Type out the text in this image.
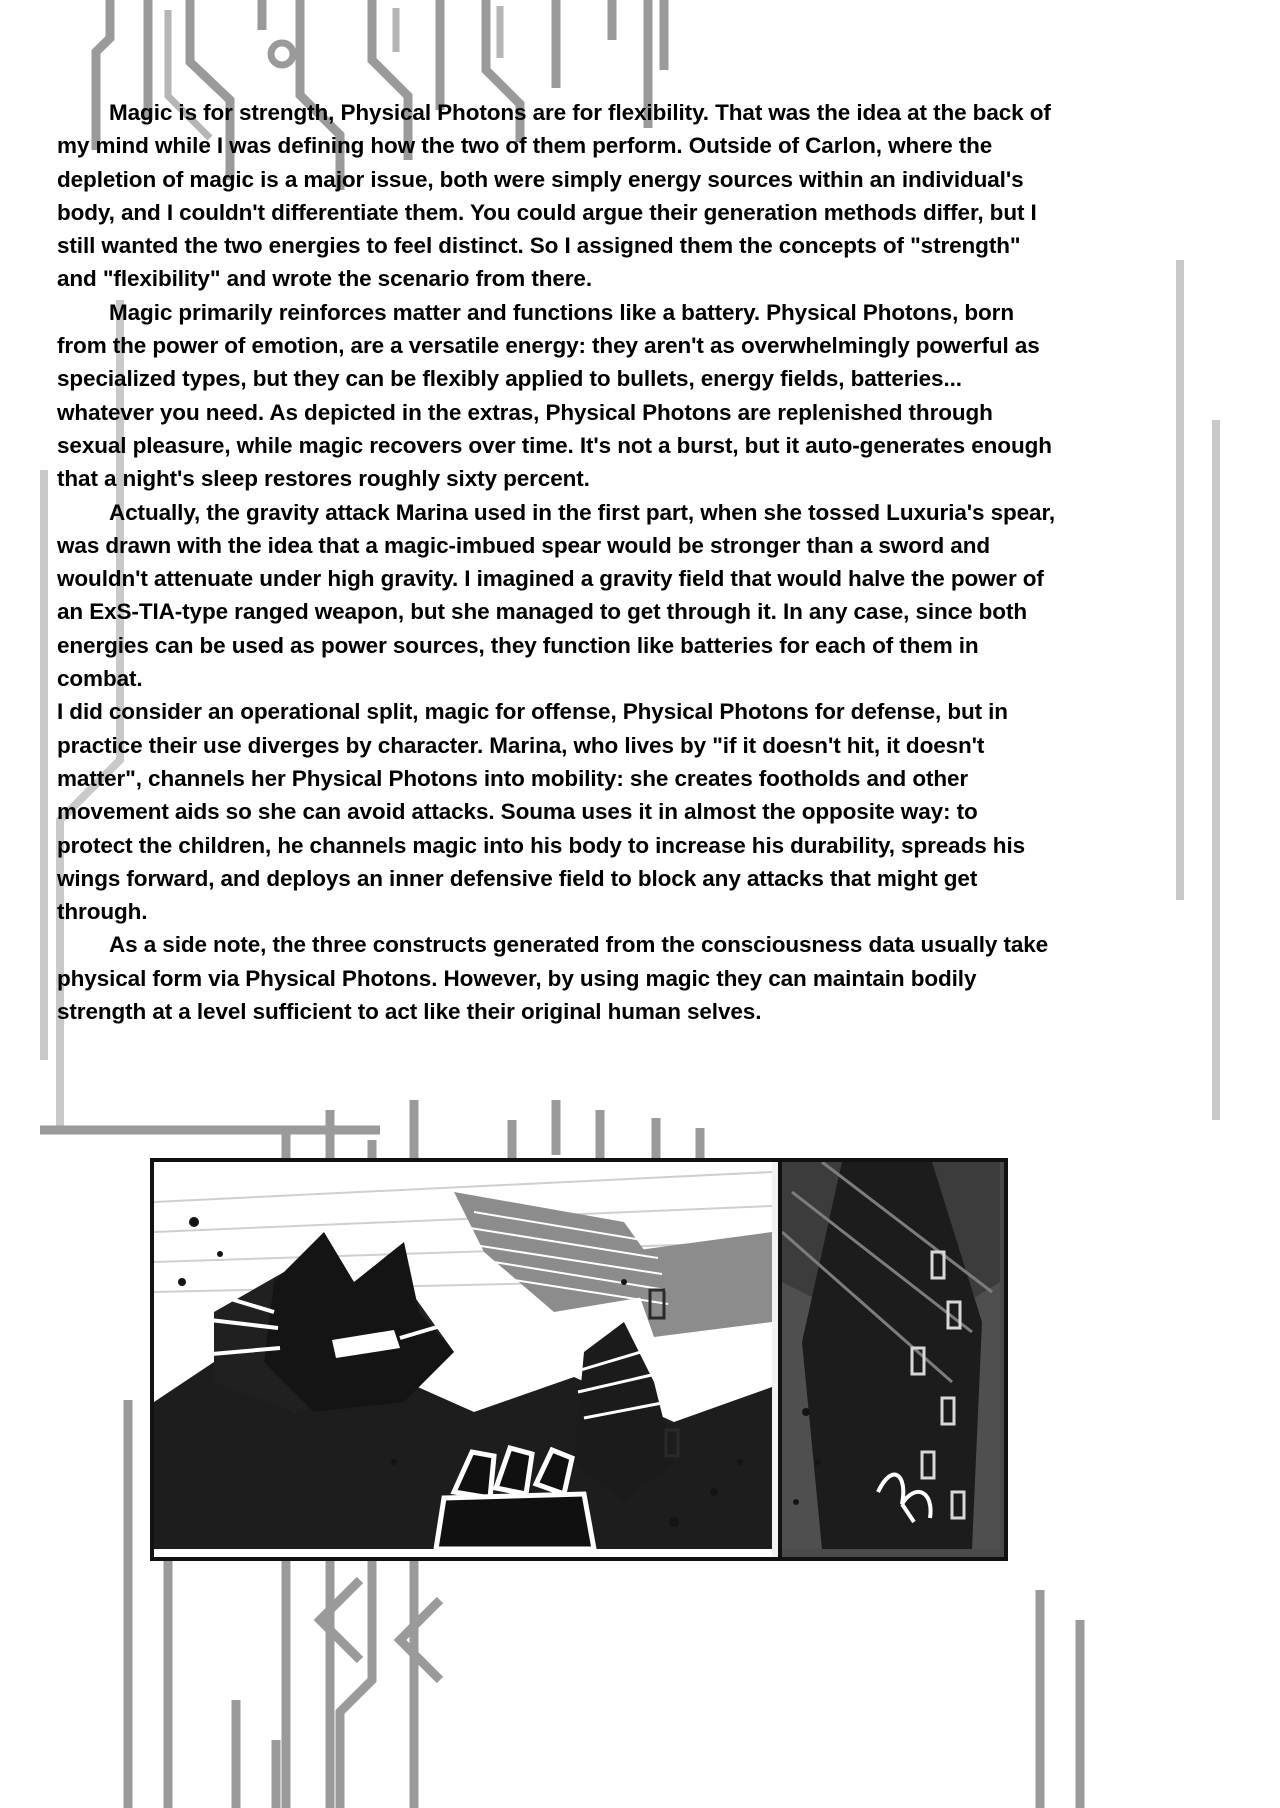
Magic is for strength, Physical Photons are for flexibility. That was the idea at the back of my mind while I was defining how the two of them perform. Outside of Carlon, where the depletion of magic is a major issue, both were simply energy sources within an individual's body, and I couldn't differentiate them. You could argue their generation methods differ, but I still wanted the two energies to feel distinct. So I assigned them the concepts of "strength" and "flexibility" and wrote the scenario from there.

Magic primarily reinforces matter and functions like a battery. Physical Photons, born from the power of emotion, are a versatile energy: they aren't as overwhelmingly powerful as specialized types, but they can be flexibly applied to bullets, energy fields, batteries... whatever you need. As depicted in the extras, Physical Photons are replenished through sexual pleasure, while magic recovers over time. It's not a burst, but it auto-generates enough that a night's sleep restores roughly sixty percent.

Actually, the gravity attack Marina used in the first part, when she tossed Luxuria's spear, was drawn with the idea that a magic-imbued spear would be stronger than a sword and wouldn't attenuate under high gravity. I imagined a gravity field that would halve the power of an ExS-TIA-type ranged weapon, but she managed to get through it. In any case, since both energies can be used as power sources, they function like batteries for each of them in combat.

I did consider an operational split, magic for offense, Physical Photons for defense, but in practice their use diverges by character. Marina, who lives by "if it doesn't hit, it doesn't matter", channels her Physical Photons into mobility: she creates footholds and other movement aids so she can avoid attacks. Souma uses it in almost the opposite way: to protect the children, he channels magic into his body to increase his durability, spreads his wings forward, and deploys an inner defensive field to block any attacks that might get through.

As a side note, the three constructs generated from the consciousness data usually take physical form via Physical Photons. However, by using magic they can maintain bodily strength at a level sufficient to act like their original human selves.
